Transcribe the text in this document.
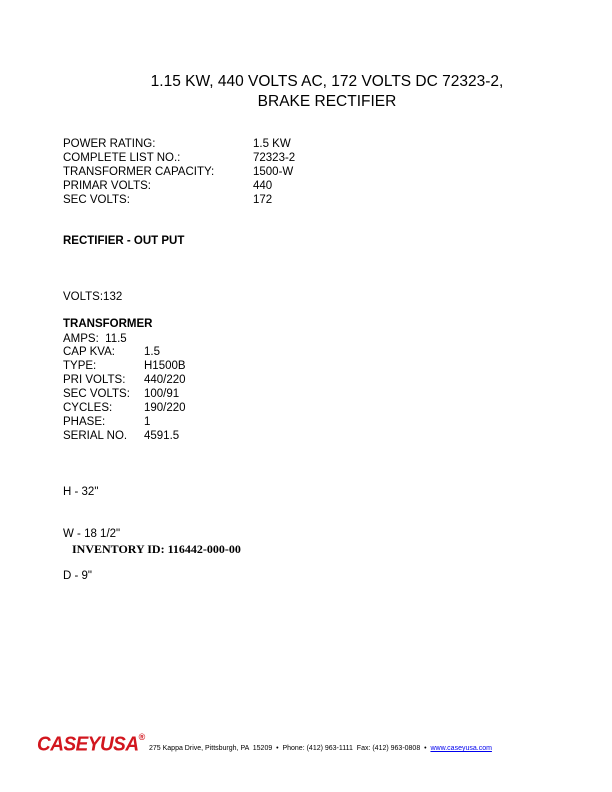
1.15 KW, 440 VOLTS AC, 172 VOLTS DC 72323-2,
BRAKE RECTIFIER
POWER RATING:	1.5 KW
COMPLETE LIST NO.:	72323-2
TRANSFORMER CAPACITY:	1500-W
PRIMAR VOLTS:	440
SEC VOLTS:	172
RECTIFIER - OUT PUT

VOLTS:132

AMPS:  11.5

TRANSFORMER
CAP KVA:	1.5
TYPE:	H1500B
PRI VOLTS:	440/220
SEC VOLTS:	100/91
CYCLES:	190/220
PHASE:	1
SERIAL NO.	4591.5

H - 32"

W - 18 1/2"

D - 9"

INVENTORY ID: 116442-000-00
CASEYUSA®
275 Kappa Drive, Pittsburgh, PA  15209  •  Phone: (412) 963-1111  Fax: (412) 963-0808  •  www.caseyusa.com
